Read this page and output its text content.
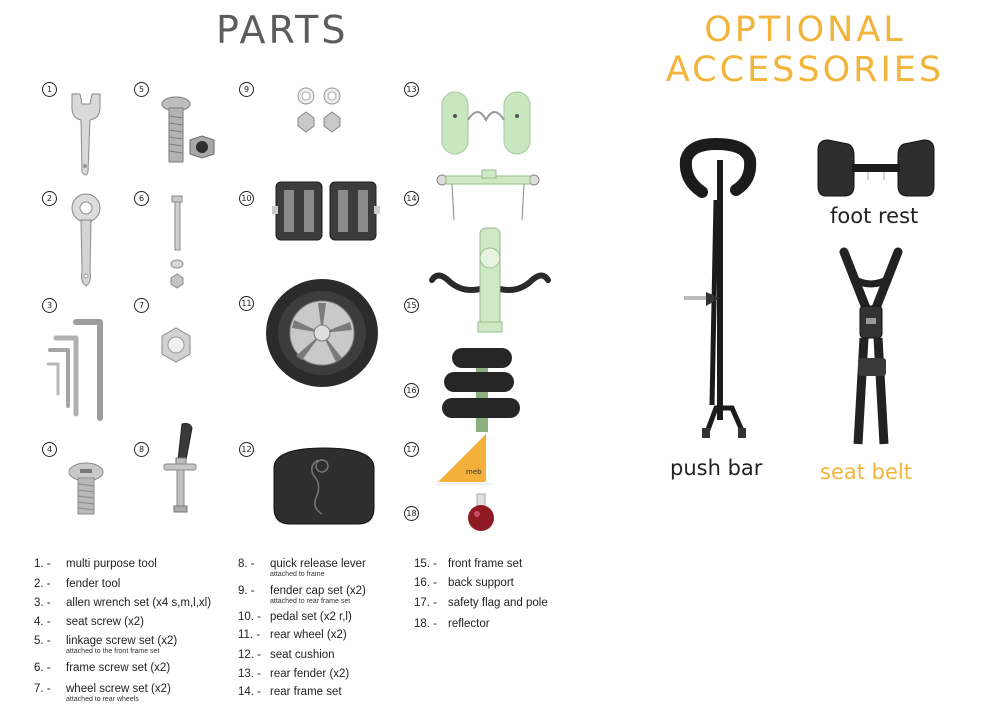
PARTS	OPTIONAL ACCESSORIES
1
2
3
4
5
6
7
8
9
10
11
12
13
14
15
16
17
18
meb
1. - multi purpose tool
2. - fender tool
3. - allen wrench set (x4 s,m,l,xl)
4. - seat screw (x2)
5. - linkage screw set (x2)
attached to the front frame set
6. - frame screw set (x2)
7. - wheel screw set (x2)
attached to rear wheels
8. - quick release lever
attached to frame
9. - fender cap set (x2)
attached to rear frame set
10. - pedal set (x2 r,l)
11. - rear wheel (x2)
12. - seat cushion
13. - rear fender (x2)
14. - rear frame set
15. - front frame set
16. - back support
17. - safety flag and pole
18. - reflector
push bar
foot rest
seat belt
